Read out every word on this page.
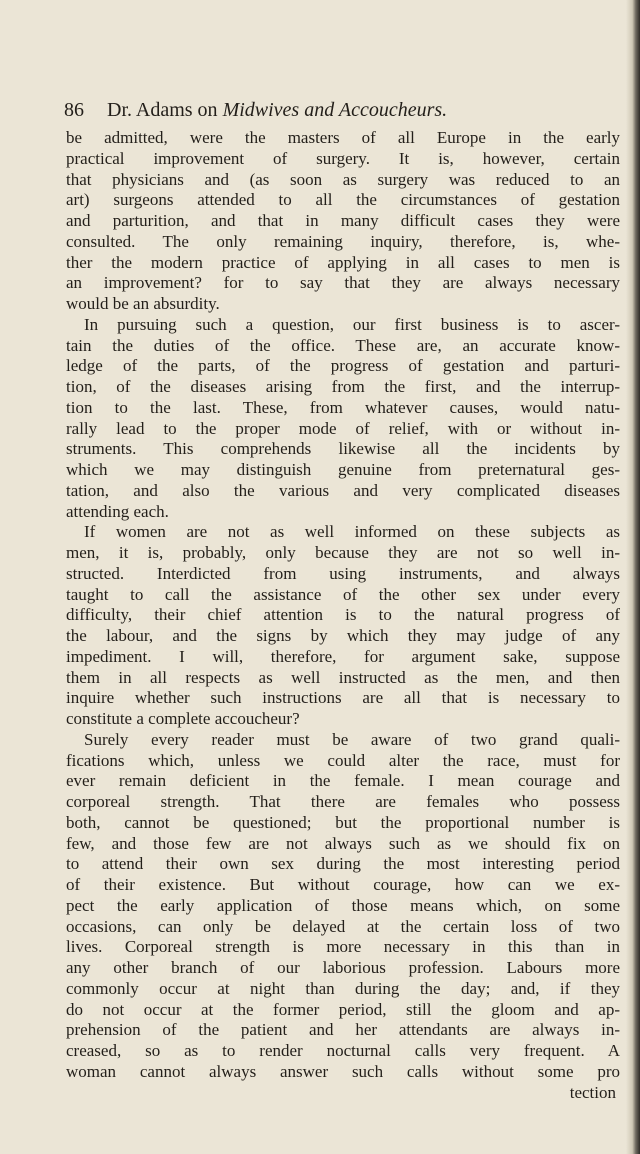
86 Dr. Adams on Midwives and Accoucheurs.
be admitted, were the masters of all Europe in the early
practical improvement of surgery. It is, however, certain
that physicians and (as soon as surgery was reduced to an
art) surgeons attended to all the circumstances of gestation
and parturition, and that in many difficult cases they were
consulted. The only remaining inquiry, therefore, is, whe-
ther the modern practice of applying in all cases to men is
an improvement? for to say that they are always necessary
would be an absurdity.
In pursuing such a question, our first business is to ascer-
tain the duties of the office. These are, an accurate know-
ledge of the parts, of the progress of gestation and parturi-
tion, of the diseases arising from the first, and the interrup-
tion to the last. These, from whatever causes, would natu-
rally lead to the proper mode of relief, with or without in-
struments. This comprehends likewise all the incidents by
which we may distinguish genuine from preternatural ges-
tation, and also the various and very complicated diseases
attending each.
If women are not as well informed on these subjects as
men, it is, probably, only because they are not so well in-
structed. Interdicted from using instruments, and always
taught to call the assistance of the other sex under every
difficulty, their chief attention is to the natural progress of
the labour, and the signs by which they may judge of any
impediment. I will, therefore, for argument sake, suppose
them in all respects as well instructed as the men, and then
inquire whether such instructions are all that is necessary to
constitute a complete accoucheur?
Surely every reader must be aware of two grand quali-
fications which, unless we could alter the race, must for
ever remain deficient in the female. I mean courage and
corporeal strength. That there are females who possess
both, cannot be questioned; but the proportional number is
few, and those few are not always such as we should fix on
to attend their own sex during the most interesting period
of their existence. But without courage, how can we ex-
pect the early application of those means which, on some
occasions, can only be delayed at the certain loss of two
lives. Corporeal strength is more necessary in this than in
any other branch of our laborious profession. Labours more
commonly occur at night than during the day; and, if they
do not occur at the former period, still the gloom and ap-
prehension of the patient and her attendants are always in-
creased, so as to render nocturnal calls very frequent. A
woman cannot always answer such calls without some pro
tection
